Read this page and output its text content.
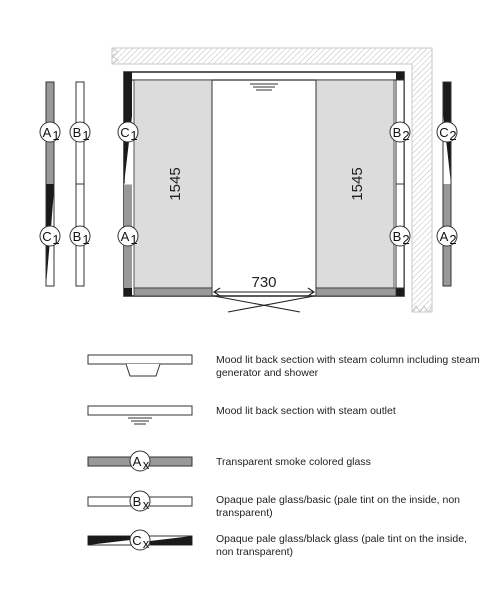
730
1545	1545
A 1
C 1
B 1
B 1
C 1
A 1
B 2
B 2
C 2
A 2
A x
B x
C x
Mood lit back section with steam column including steam generator and shower
Mood lit back section with steam outlet
Transparent smoke colored glass
Opaque pale glass/basic (pale tint on the inside, non transparent)
Opaque pale glass/black glass (pale tint on the inside, non transparent)
